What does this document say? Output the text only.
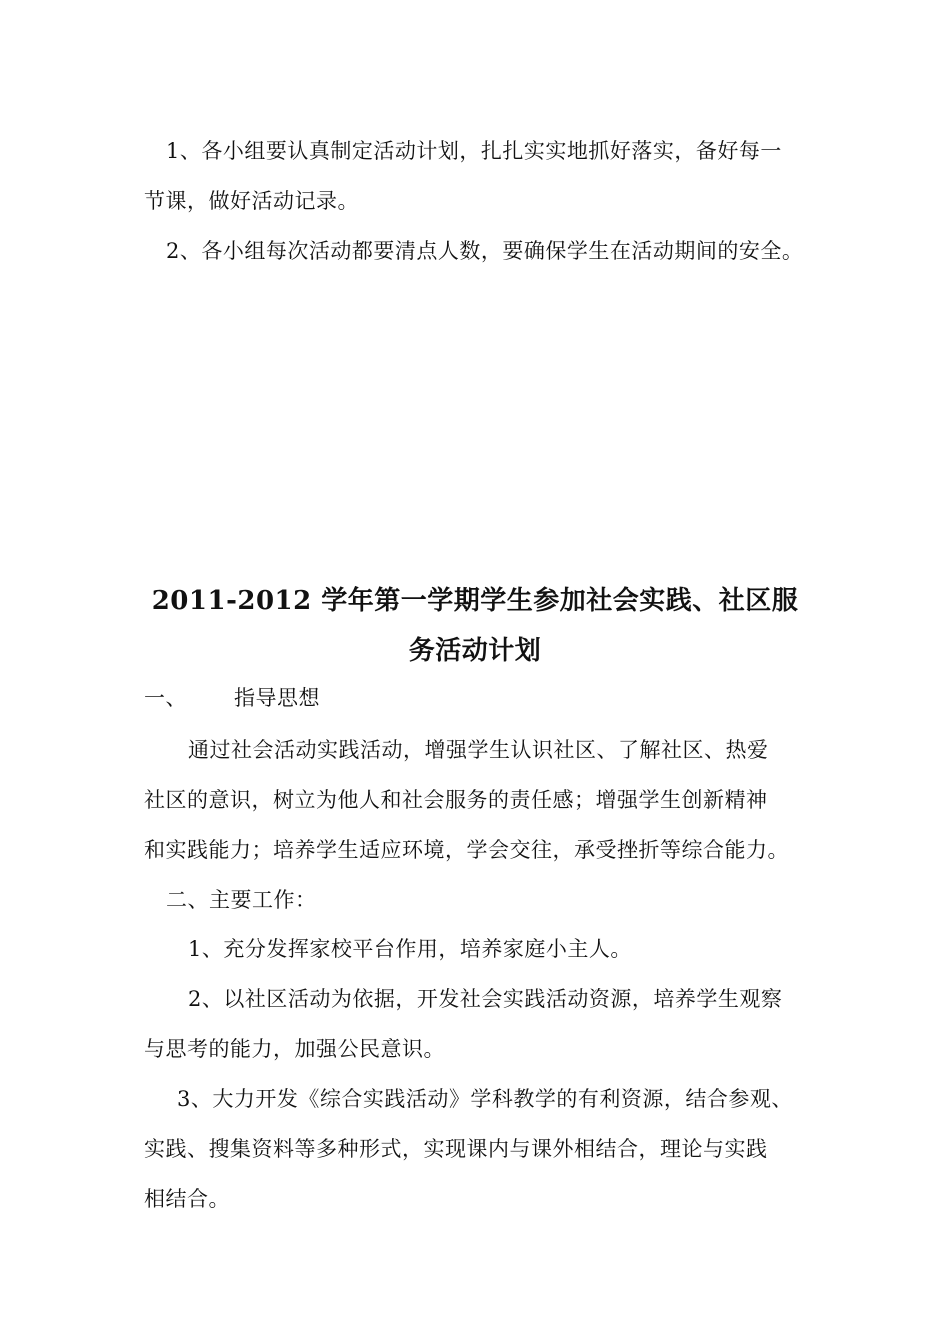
1、各小组要认真制定活动计划，扎扎实实地抓好落实，备好每一
节课，做好活动记录。
2、各小组每次活动都要清点人数，要确保学生在活动期间的安全。
2011-2012 学年第一学期学生参加社会实践、社区服
务活动计划
一、 指导思想
通过社会活动实践活动，增强学生认识社区、了解社区、热爱
社区的意识，树立为他人和社会服务的责任感；增强学生创新精神
和实践能力；培养学生适应环境，学会交往，承受挫折等综合能力。
二、主要工作：
1、充分发挥家校平台作用，培养家庭小主人。
2、以社区活动为依据，开发社会实践活动资源，培养学生观察
与思考的能力，加强公民意识。
3、大力开发《综合实践活动》学科教学的有利资源，结合参观、
实践、搜集资料等多种形式，实现课内与课外相结合，理论与实践
相结合。
